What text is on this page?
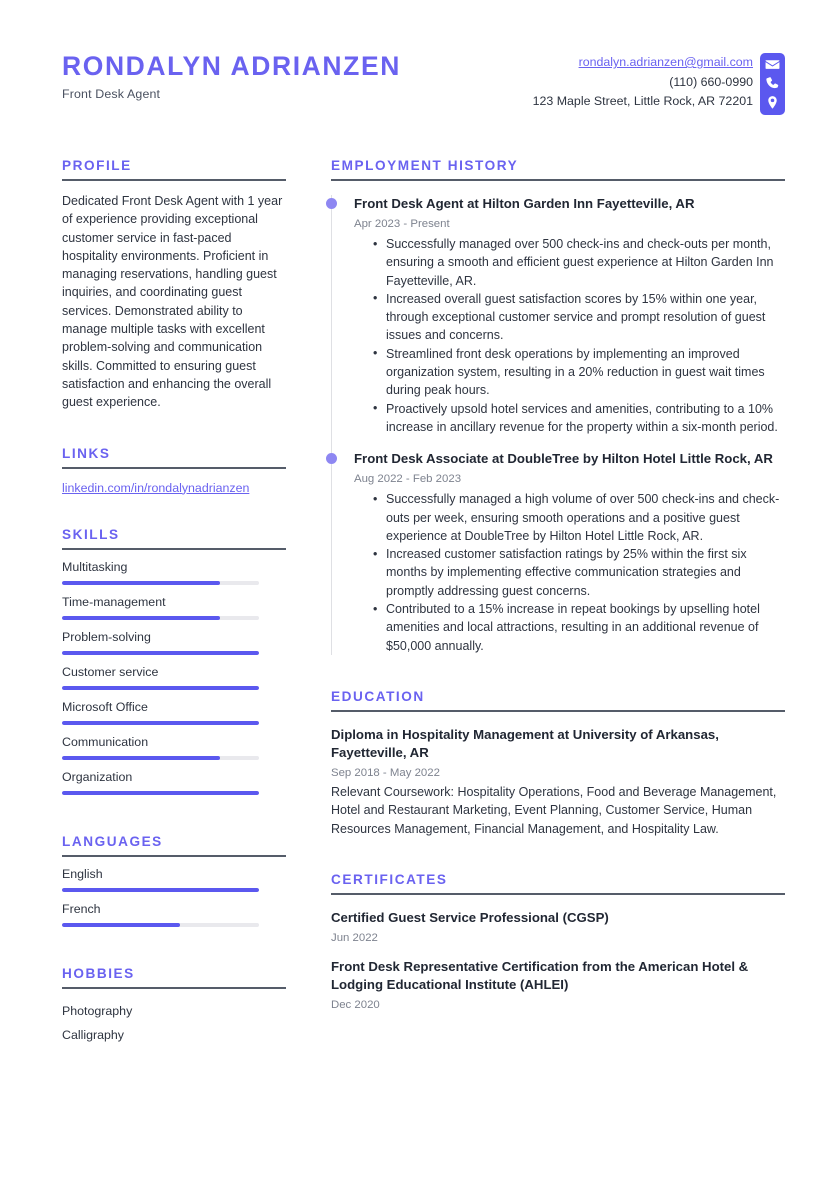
RONDALYN ADRIANZEN
Front Desk Agent
rondalyn.adrianzen@gmail.com
(110) 660-0990
123 Maple Street, Little Rock, AR 72201
PROFILE
Dedicated Front Desk Agent with 1 year of experience providing exceptional customer service in fast-paced hospitality environments. Proficient in managing reservations, handling guest inquiries, and coordinating guest services. Demonstrated ability to manage multiple tasks with excellent problem-solving and communication skills. Committed to ensuring guest satisfaction and enhancing the overall guest experience.
LINKS
linkedin.com/in/rondalynadrianzen
SKILLS
Multitasking
Time-management
Problem-solving
Customer service
Microsoft Office
Communication
Organization
LANGUAGES
English
French
HOBBIES
Photography
Calligraphy
EMPLOYMENT HISTORY
Front Desk Agent at Hilton Garden Inn Fayetteville, AR
Apr 2023 - Present
• Successfully managed over 500 check-ins and check-outs per month, ensuring a smooth and efficient guest experience at Hilton Garden Inn Fayetteville, AR.
• Increased overall guest satisfaction scores by 15% within one year, through exceptional customer service and prompt resolution of guest issues and concerns.
• Streamlined front desk operations by implementing an improved organization system, resulting in a 20% reduction in guest wait times during peak hours.
• Proactively upsold hotel services and amenities, contributing to a 10% increase in ancillary revenue for the property within a six-month period.
Front Desk Associate at DoubleTree by Hilton Hotel Little Rock, AR
Aug 2022 - Feb 2023
• Successfully managed a high volume of over 500 check-ins and check-outs per week, ensuring smooth operations and a positive guest experience at DoubleTree by Hilton Hotel Little Rock, AR.
• Increased customer satisfaction ratings by 25% within the first six months by implementing effective communication strategies and promptly addressing guest concerns.
• Contributed to a 15% increase in repeat bookings by upselling hotel amenities and local attractions, resulting in an additional revenue of $50,000 annually.
EDUCATION
Diploma in Hospitality Management at University of Arkansas, Fayetteville, AR
Sep 2018 - May 2022
Relevant Coursework: Hospitality Operations, Food and Beverage Management, Hotel and Restaurant Marketing, Event Planning, Customer Service, Human Resources Management, Financial Management, and Hospitality Law.
CERTIFICATES
Certified Guest Service Professional (CGSP)
Jun 2022
Front Desk Representative Certification from the American Hotel & Lodging Educational Institute (AHLEI)
Dec 2020
